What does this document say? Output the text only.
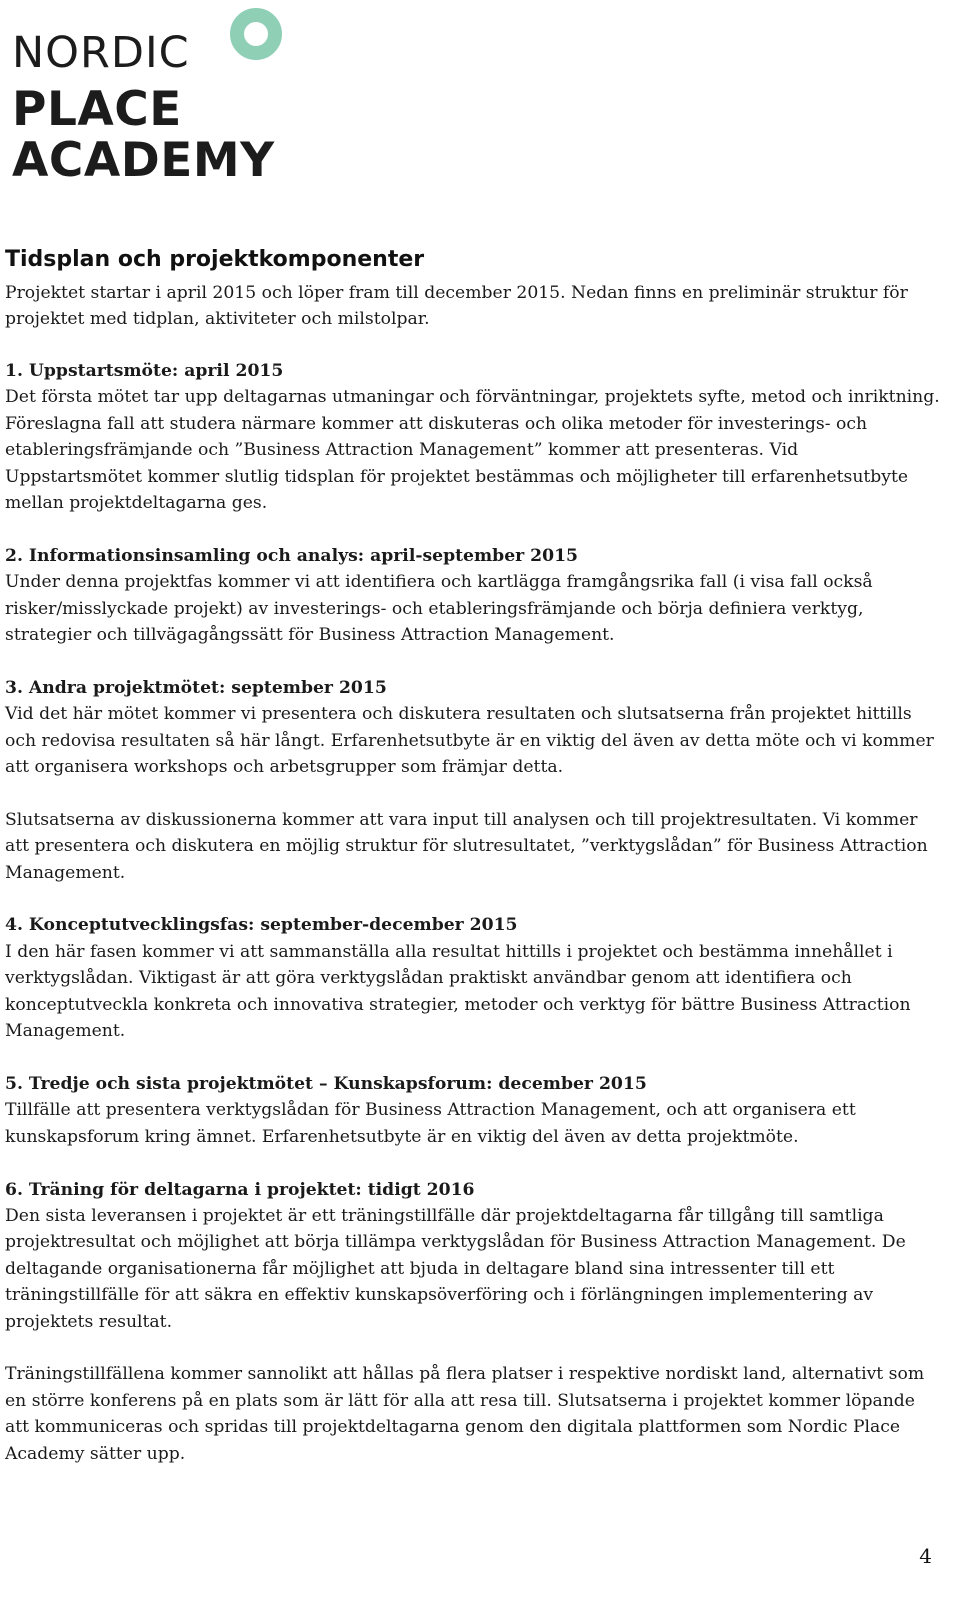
NORDIC
PLACE
ACADEMY
Tidsplan och projektkomponenter

Projektet startar i april 2015 och löper fram till december 2015. Nedan finns en preliminär struktur för projektet med tidplan, aktiviteter och milstolpar.

1. Uppstartsmöte: april 2015

Det första mötet tar upp deltagarnas utmaningar och förväntningar, projektets syfte, metod och inriktning. Föreslagna fall att studera närmare kommer att diskuteras och olika metoder för investerings- och etableringsfrämjande och ”Business Attraction Management” kommer att presenteras. Vid Uppstartsmötet kommer slutlig tidsplan för projektet bestämmas och möjligheter till erfarenhetsutbyte mellan projektdeltagarna ges.

2. Informationsinsamling och analys: april-september 2015

Under denna projektfas kommer vi att identifiera och kartlägga framgångsrika fall (i visa fall också risker/misslyckade projekt) av investerings- och etableringsfrämjande och börja definiera verktyg, strategier och tillvägagångssätt för Business Attraction Management.

3. Andra projektmötet: september 2015

Vid det här mötet kommer vi presentera och diskutera resultaten och slutsatserna från projektet hittills och redovisa resultaten så här långt. Erfarenhetsutbyte är en viktig del även av detta möte och vi kommer att organisera workshops och arbetsgrupper som främjar detta.

Slutsatserna av diskussionerna kommer att vara input till analysen och till projektresultaten. Vi kommer att presentera och diskutera en möjlig struktur för slutresultatet, ”verktygslådan” för Business Attraction Management.

4. Konceptutvecklingsfas: september-december 2015

I den här fasen kommer vi att sammanställa alla resultat hittills i projektet och bestämma innehållet i verktygslådan. Viktigast är att göra verktygslådan praktiskt användbar genom att identifiera och konceptutveckla konkreta och innovativa strategier, metoder och verktyg för bättre Business Attraction Management.

5. Tredje och sista projektmötet – Kunskapsforum: december 2015

Tillfälle att presentera verktygslådan för Business Attraction Management, och att organisera ett kunskapsforum kring ämnet. Erfarenhetsutbyte är en viktig del även av detta projektmöte.

6. Träning för deltagarna i projektet: tidigt 2016

Den sista leveransen i projektet är ett träningstillfälle där projektdeltagarna får tillgång till samtliga projektresultat och möjlighet att börja tillämpa verktygslådan för Business Attraction Management. De deltagande organisationerna får möjlighet att bjuda in deltagare bland sina intressenter till ett träningstillfälle för att säkra en effektiv kunskapsöverföring och i förlängningen implementering av projektets resultat.

Träningstillfällena kommer sannolikt att hållas på flera platser i respektive nordiskt land, alternativt som en större konferens på en plats som är lätt för alla att resa till. Slutsatserna i projektet kommer löpande att kommuniceras och spridas till projektdeltagarna genom den digitala plattformen som Nordic Place Academy sätter upp.

4
